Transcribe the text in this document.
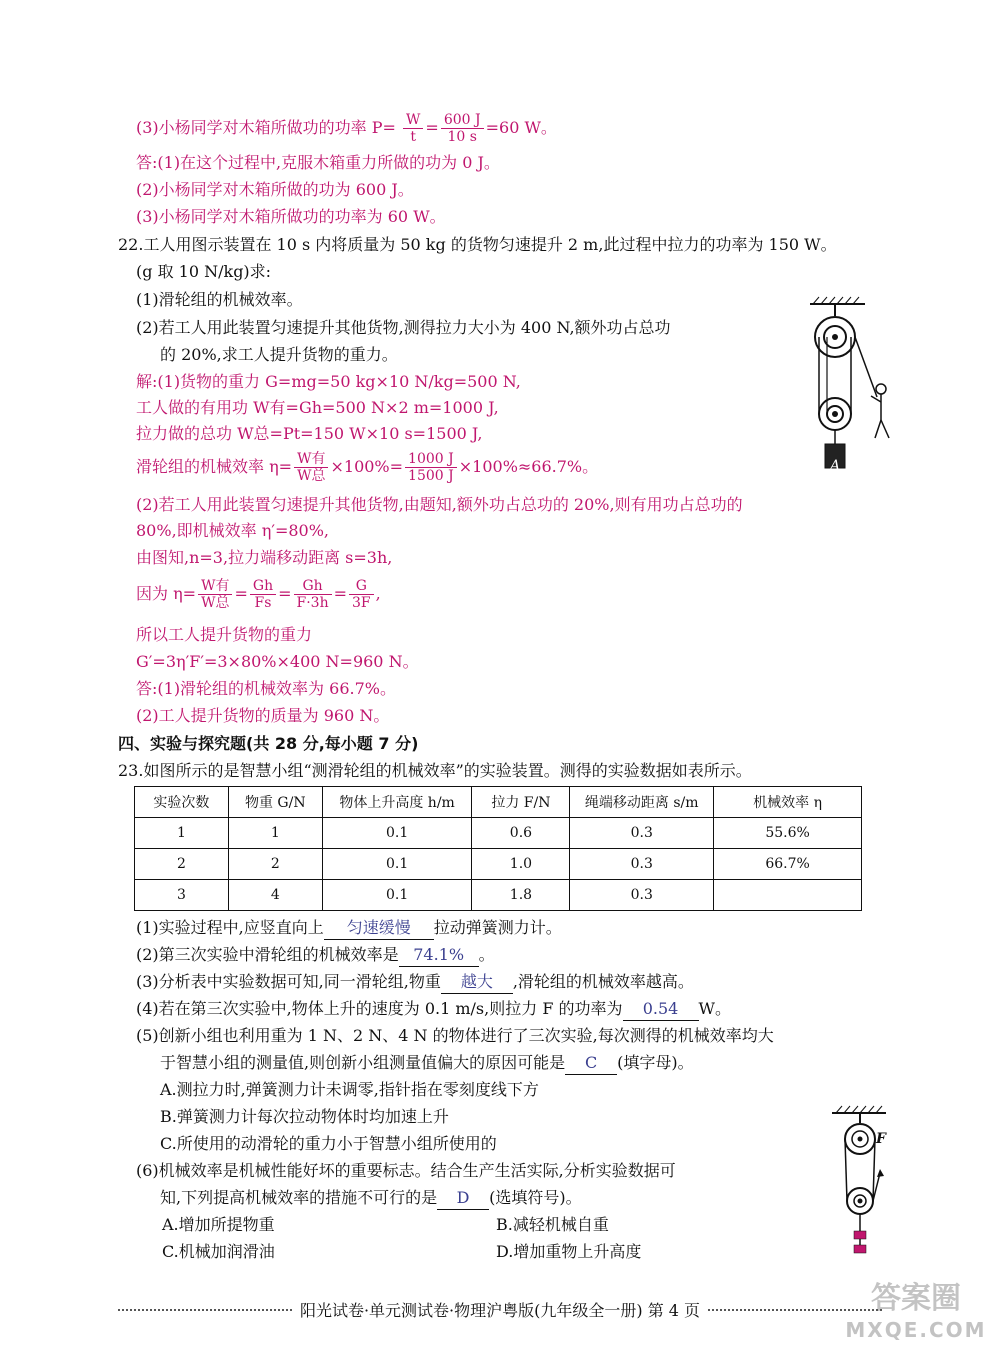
(3)小杨同学对木箱所做功的功率 $P= \frac{W}{t} = \frac{600 J}{10 s} =60$ W。
答:(1)在这个过程中,克服木箱重力所做的功为 0 J。
(2)小杨同学对木箱所做的功为 600 J。
(3)小杨同学对木箱所做功的功率为 60 W。
22.工人用图示装置在 10 s 内将质量为 50 kg 的货物匀速提升 2 m,此过程中拉力的功率为 150 W。
(g 取 10 N/kg)求:
(1)滑轮组的机械效率。
(2)若工人用此装置匀速提升其他货物,测得拉力大小为 400 N,额外功占总功
的 20%,求工人提升货物的重力。
解:(1)货物的重力 G=mg=50 kg×10 N/kg=500 N,
工人做的有用功 W有=Gh=500 N×2 m=1000 J,
拉力做的总功 W总=Pt=150 W×10 s=1500 J,
滑轮组的机械效率 $\eta= \frac{\text{W有}}{\text{W总}} \times 100\%= \frac{1000 J}{1500 J} \times 100\%\approx 66.7\%$。
(2)若工人用此装置匀速提升其他货物,由题知,额外功占总功的 20%,则有用功占总功的
80%,即机械效率 η′=80%,
由图知,n=3,拉力端移动距离 s=3h,
因为 $\eta= \frac{\text{W有}}{\text{W总}} = \frac{Gh}{Fs} = \frac{Gh}{F\cdot 3h} = \frac{G}{3F}$ ,
所以工人提升货物的重力
G′=3η′F′=3×80%×400 N=960 N。
答:(1)滑轮组的机械效率为 66.7%。
(2)工人提升货物的质量为 960 N。
A
四、实验与探究题(共 28 分,每小题 7 分)
23.如图所示的是智慧小组“测滑轮组的机械效率”的实验装置。测得的实验数据如表所示。
实验次数	物重 G/N	物体上升高度 h/m	拉力 F/N	绳端移动距离 s/m	机械效率 η
1	1	0.1	0.6	0.3	55.6%
2	2	0.1	1.0	0.3	66.7%
3	4	0.1	1.8	0.3	
(1)实验过程中,应竖直向上 匀速缓慢 拉动弹簧测力计。
(2)第三次实验中滑轮组的机械效率是 74.1% 。
(3)分析表中实验数据可知,同一滑轮组,物重 越大 ,滑轮组的机械效率越高。
(4)若在第三次实验中,物体上升的速度为 0.1 m/s,则拉力 F 的功率为 0.54 W。
(5)创新小组也利用重为 1 N、2 N、4 N 的物体进行了三次实验,每次测得的机械效率均大
于智慧小组的测量值,则创新小组测量值偏大的原因可能是 C (填字母)。
A.测拉力时,弹簧测力计未调零,指针指在零刻度线下方
B.弹簧测力计每次拉动物体时均加速上升
C.所使用的动滑轮的重力小于智慧小组所使用的
(6)机械效率是机械性能好坏的重要标志。结合生产生活实际,分析实验数据可
知,下列提高机械效率的措施不可行的是 D (选填符号)。
A.增加所提物重	B.减轻机械自重
C.机械加润滑油	D.增加重物上升高度
F
阳光试卷·单元测试卷·物理沪粤版(九年级全一册) 第 4 页	答案圈
MXQE.COM
